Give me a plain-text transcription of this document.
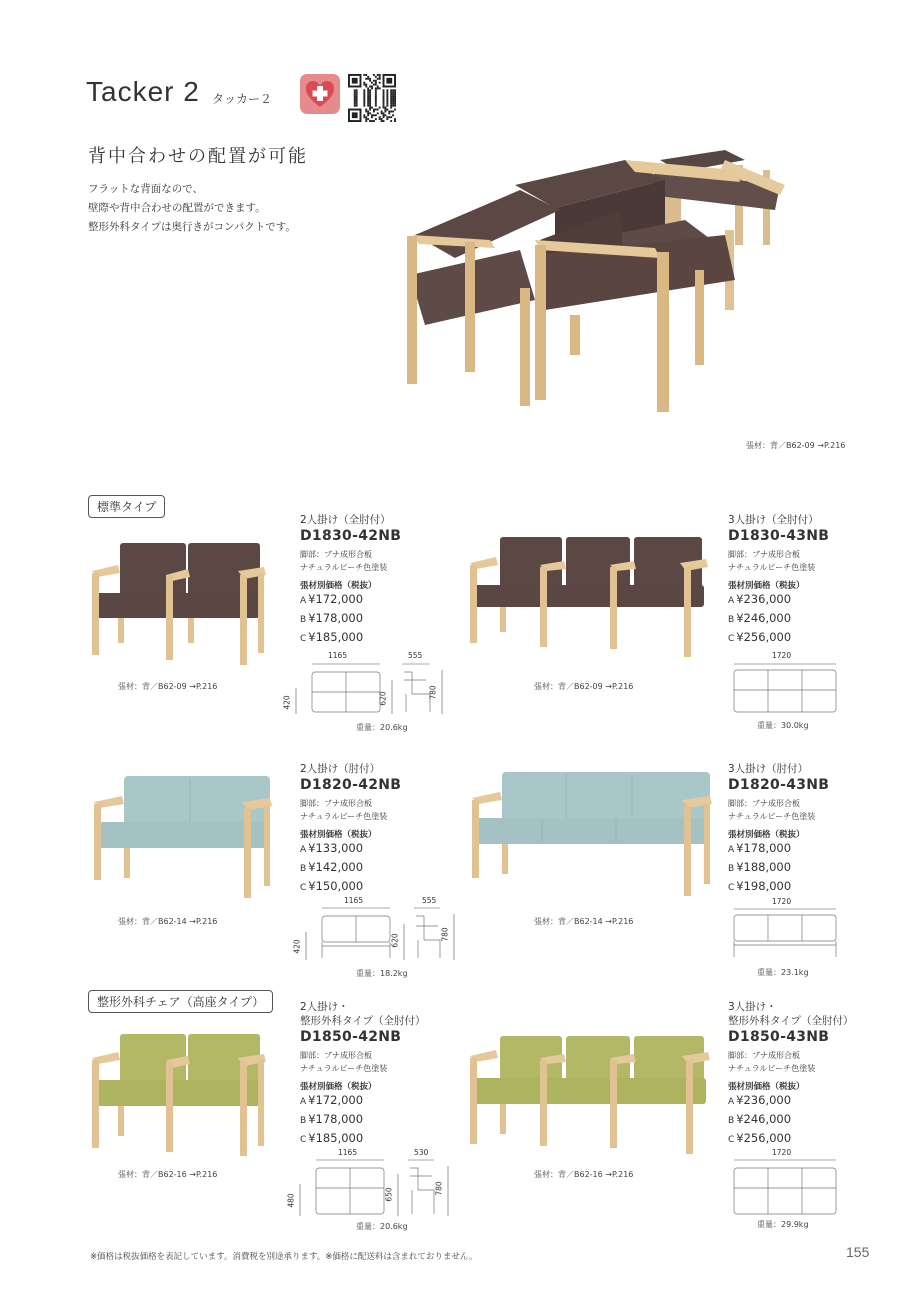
Tacker 2 タッカー２
背中合わせの配置が可能
フラットな背面なので、
壁際や背中合わせの配置ができます。
整形外科タイプは奥行きがコンパクトです。
張材：背／B62-09 →P.216
標準タイプ
2人掛け（全肘付）
D1830-42NB
脚部：ブナ成形合板
ナチュラルビーチ色塗装
張材別価格（税抜）
A ¥172,000
B ¥178,000
C ¥185,000
張材：背／B62-09 →P.216
1165	555
420	620	780
重量：20.6kg
3人掛け（全肘付）
D1830-43NB
脚部：ブナ成形合板
ナチュラルビーチ色塗装
張材別価格（税抜）
A ¥236,000
B ¥246,000
C ¥256,000
張材：背／B62-09 →P.216
1720
重量：30.0kg
2人掛け（肘付）
D1820-42NB
脚部：ブナ成形合板
ナチュラルビーチ色塗装
張材別価格（税抜）
A ¥133,000
B ¥142,000
C ¥150,000
張材：背／B62-14 →P.216
1165	555
420	620	780
重量：18.2kg
3人掛け（肘付）
D1820-43NB
脚部：ブナ成形合板
ナチュラルビーチ色塗装
張材別価格（税抜）
A ¥178,000
B ¥188,000
C ¥198,000
張材：背／B62-14 →P.216
1720
重量：23.1kg
整形外科チェア（高座タイプ）	2人掛け・
整形外科タイプ（全肘付）
D1850-42NB
脚部：ブナ成形合板
ナチュラルビーチ色塗装
張材別価格（税抜）
A ¥172,000
B ¥178,000
C ¥185,000
張材：背／B62-16 →P.216
1165	530
480	650	780
重量：20.6kg
3人掛け・
整形外科タイプ（全肘付）
D1850-43NB
脚部：ブナ成形合板
ナチュラルビーチ色塗装
張材別価格（税抜）
A ¥236,000
B ¥246,000
C ¥256,000
張材：背／B62-16 →P.216
1720
重量：29.9kg
※価格は税抜価格を表記しています。消費税を別途承ります。※価格に配送料は含まれておりません。	155
